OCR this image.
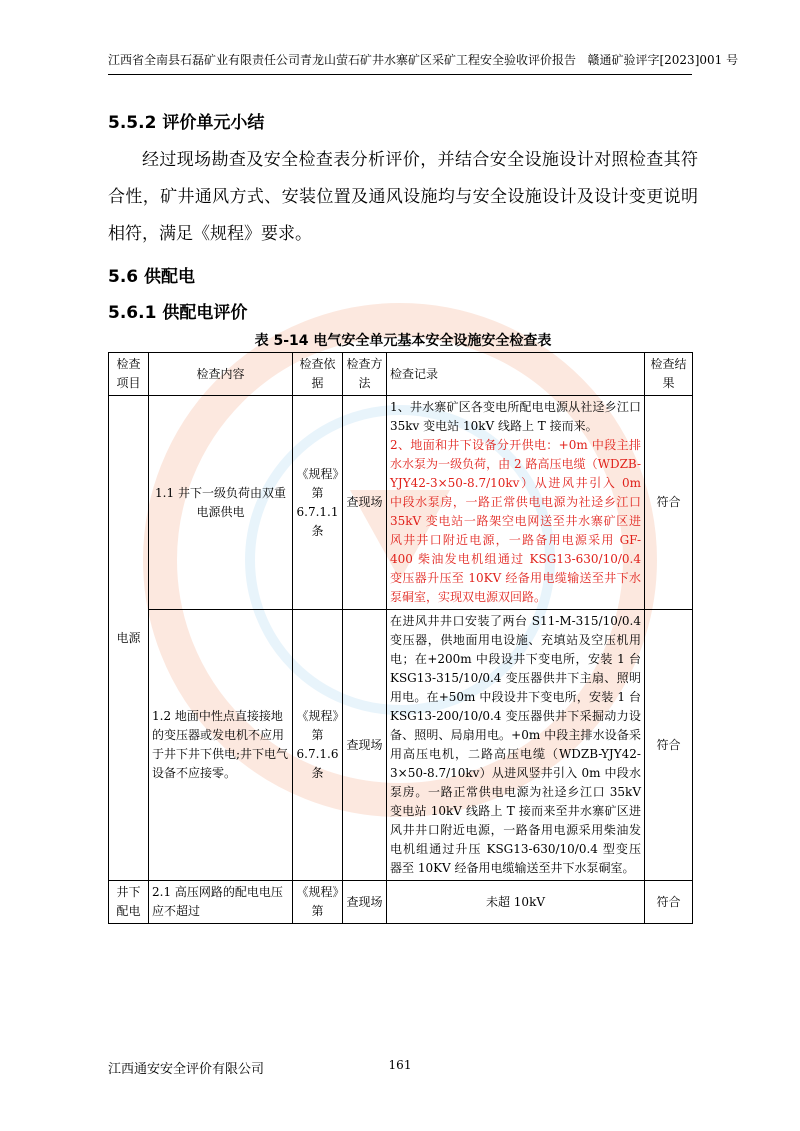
江西省全南县石磊矿业有限责任公司青龙山萤石矿井水寨矿区采矿工程安全验收评价报告 赣通矿验评字[2023]001 号
5.5.2 评价单元小结
经过现场勘查及安全检查表分析评价，并结合安全设施设计对照检查其符合性，矿井通风方式、安装位置及通风设施均与安全设施设计及设计变更说明相符，满足《规程》要求。
5.6 供配电
5.6.1 供配电评价
表 5-14 电气安全单元基本安全设施安全检查表
检查项目	检查内容	检查依据	检查方法	检查记录	检查结果
电源	1.1 井下一级负荷由双重电源供电	《规程》第 6.7.1.1 条	查现场	1、井水寨矿区各变电所配电电源从社迳乡江口 35kv 变电站 10kV 线路上 T 接而来。
2、地面和井下设备分开供电：+0m 中段主排水水泵为一级负荷，由 2 路高压电缆（WDZB-YJY42-3×50-8.7/10kv）从进风井引入 0m 中段水泵房，一路正常供电电源为社迳乡江口 35kV 变电站一路架空电网送至井水寨矿区进风井井口附近电源，一路备用电源采用 GF-400 柴油发电机组通过 KSG13-630/10/0.4 变压器升压至 10KV 经备用电缆输送至井下水泵硐室，实现双电源双回路。	符合
	1.2 地面中性点直接接地的变压器或发电机不应用于井下井下供电;井下电气设备不应接零。	《规程》第 6.7.1.6 条	查现场	在进风井井口安装了两台 S11-M-315/10/0.4 变压器，供地面用电设施、充填站及空压机用电；在+200m 中段设井下变电所，安装 1 台 KSG13-315/10/0.4 变压器供井下主扇、照明用电。在+50m 中段设井下变电所，安装 1 台 KSG13-200/10/0.4 变压器供井下采掘动力设备、照明、局扇用电。+0m 中段主排水设备采用高压电机，二路高压电缆（WDZB-YJY42-3×50-8.7/10kv）从进风竖井引入 0m 中段水泵房。一路正常供电电源为社迳乡江口 35kV 变电站 10kV 线路上 T 接而来至井水寨矿区进风井井口附近电源，一路备用电源采用柴油发电机组通过升压 KSG13-630/10/0.4 型变压器至 10KV 经备用电缆输送至井下水泵硐室。	符合
井下配电	2.1 高压网路的配电电压应不超过	《规程》第	查现场	未超 10kV	符合
江西通安安全评价有限公司	161
